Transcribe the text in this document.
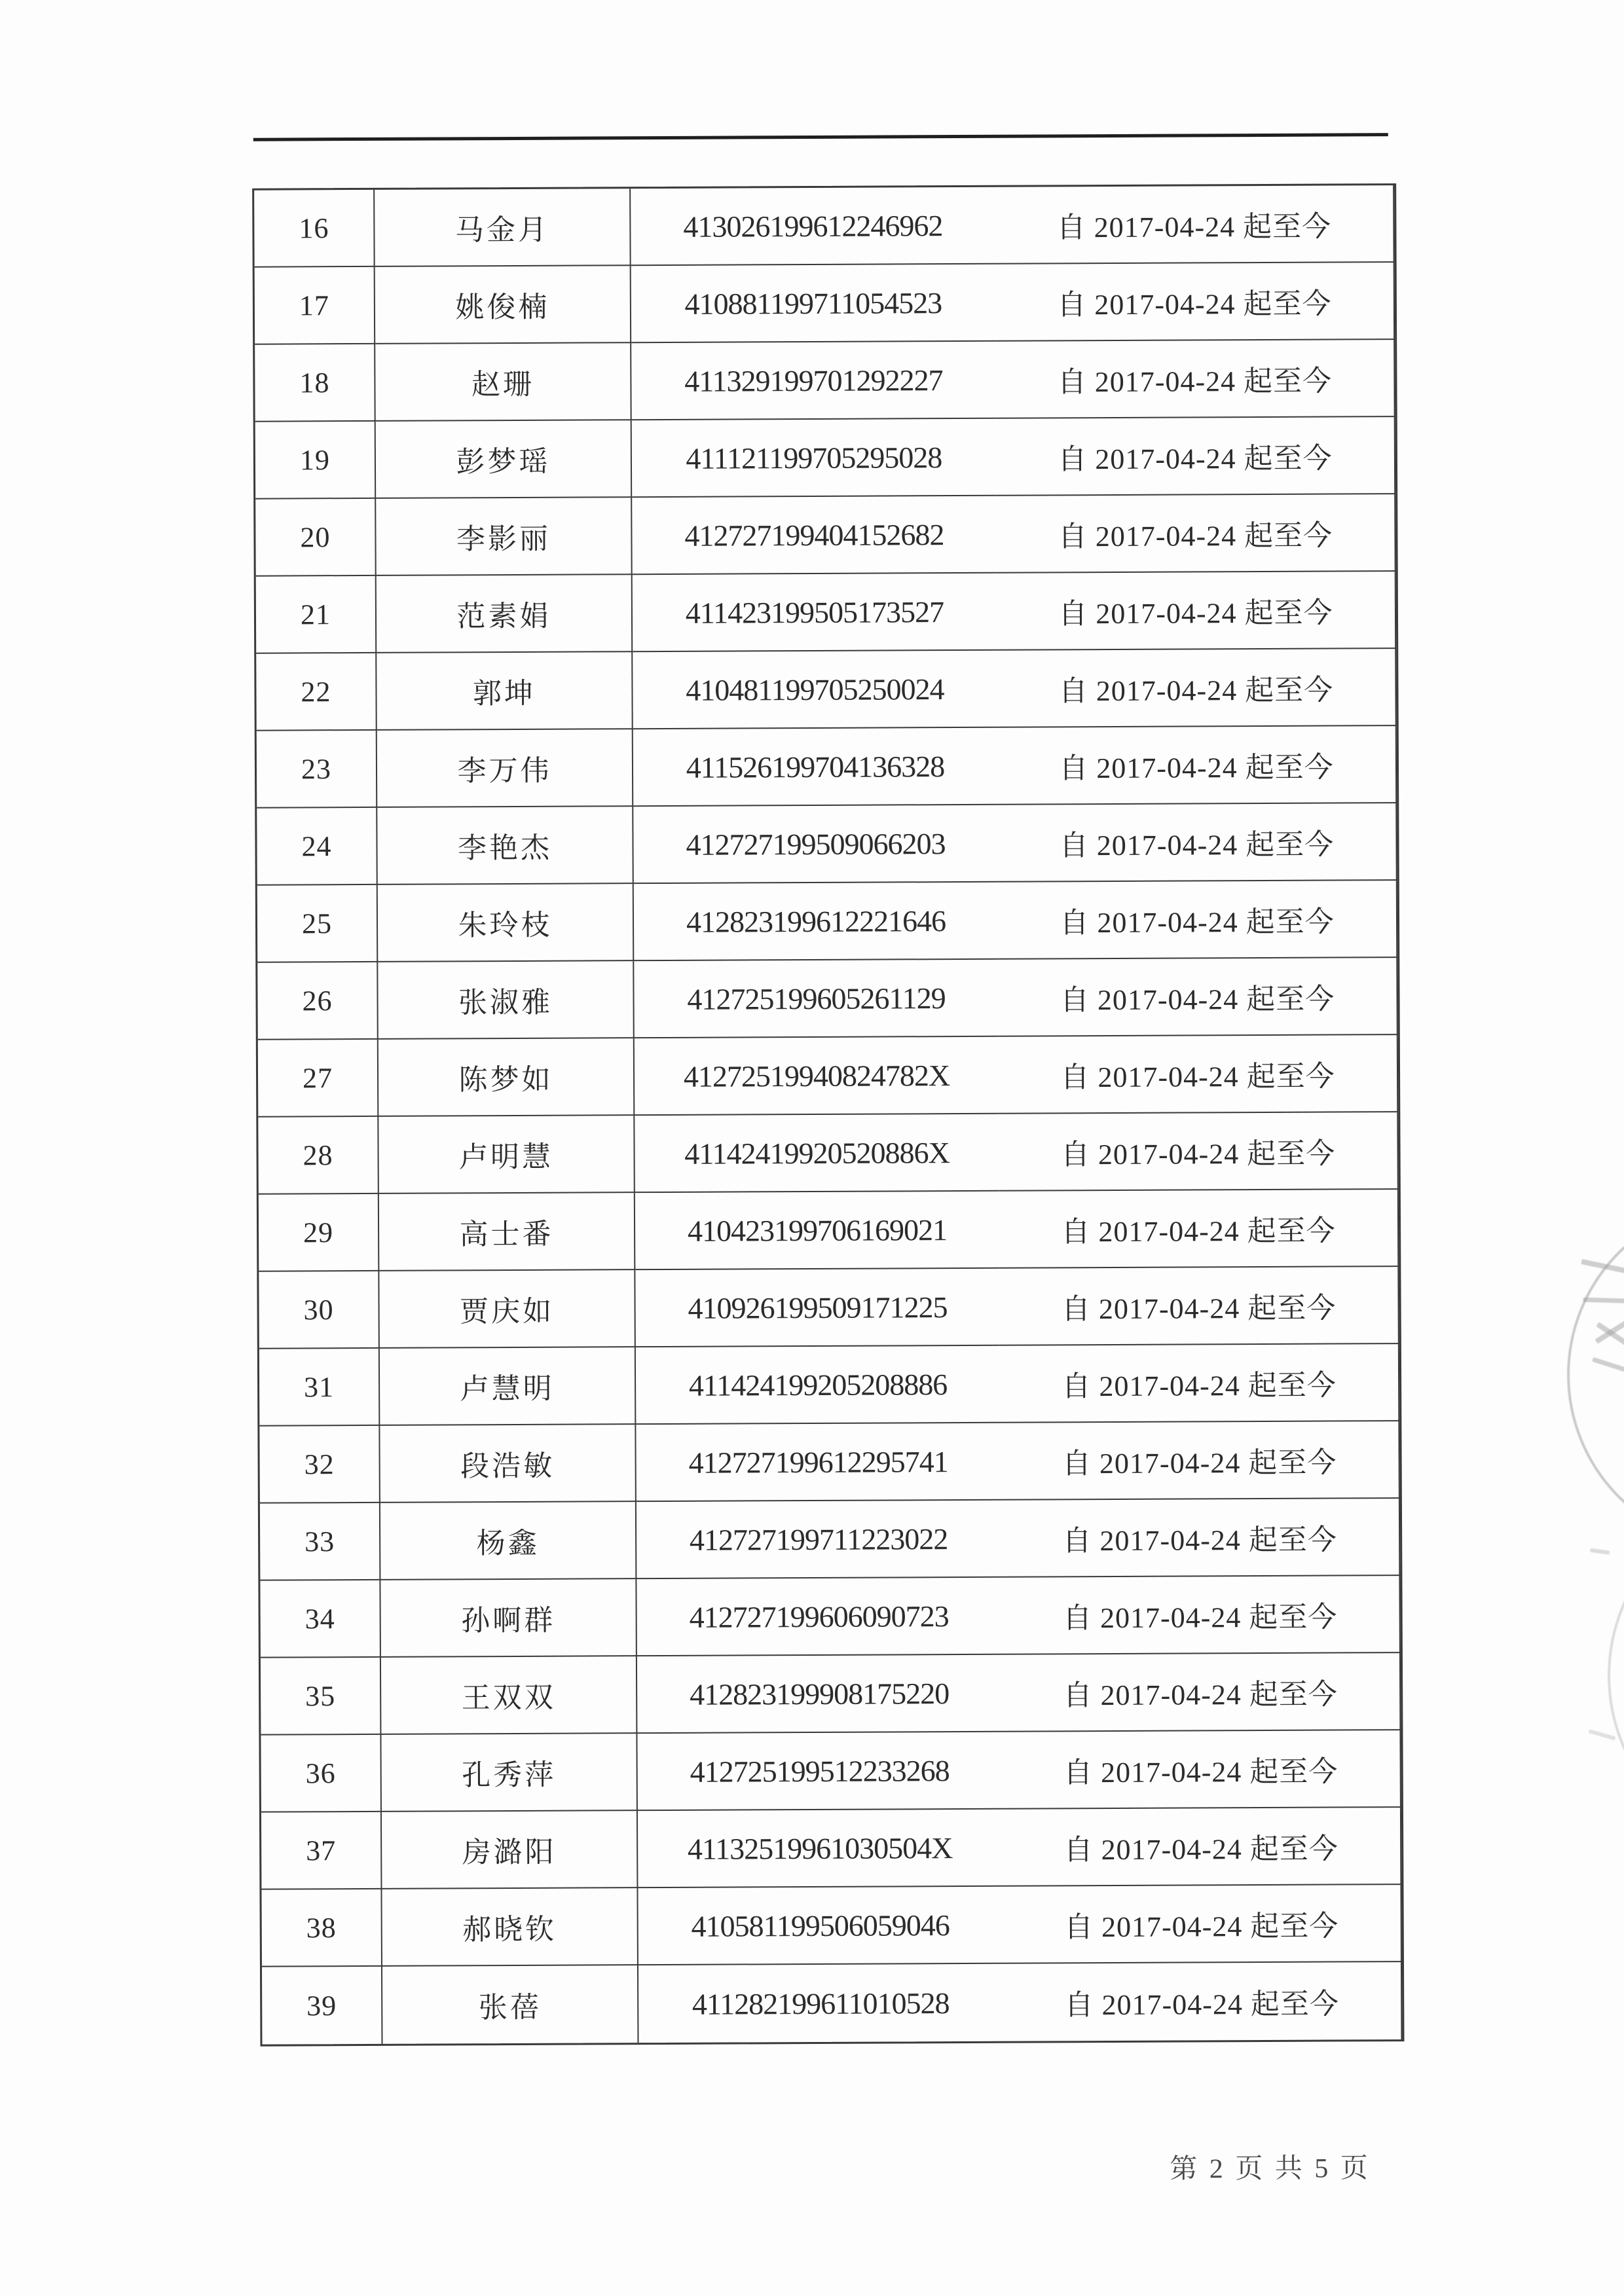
16	马金月	413026199612246962	自 2017-04-24 起至今
17	姚俊楠	410881199711054523	自 2017-04-24 起至今
18	赵珊	411329199701292227	自 2017-04-24 起至今
19	彭梦瑶	411121199705295028	自 2017-04-24 起至今
20	李影丽	412727199404152682	自 2017-04-24 起至今
21	范素娟	411423199505173527	自 2017-04-24 起至今
22	郭坤	410481199705250024	自 2017-04-24 起至今
23	李万伟	411526199704136328	自 2017-04-24 起至今
24	李艳杰	412727199509066203	自 2017-04-24 起至今
25	朱玲枝	412823199612221646	自 2017-04-24 起至今
26	张淑雅	412725199605261129	自 2017-04-24 起至今
27	陈梦如	41272519940824782X	自 2017-04-24 起至今
28	卢明慧	41142419920520886X	自 2017-04-24 起至今
29	高士番	410423199706169021	自 2017-04-24 起至今
30	贾庆如	410926199509171225	自 2017-04-24 起至今
31	卢慧明	411424199205208886	自 2017-04-24 起至今
32	段浩敏	412727199612295741	自 2017-04-24 起至今
33	杨鑫	412727199711223022	自 2017-04-24 起至今
34	孙啊群	412727199606090723	自 2017-04-24 起至今
35	王双双	412823199908175220	自 2017-04-24 起至今
36	孔秀萍	412725199512233268	自 2017-04-24 起至今
37	房潞阳	41132519961030504X	自 2017-04-24 起至今
38	郝晓钦	410581199506059046	自 2017-04-24 起至今
39	张蓓	411282199611010528	自 2017-04-24 起至今
第 2 页 共 5 页
